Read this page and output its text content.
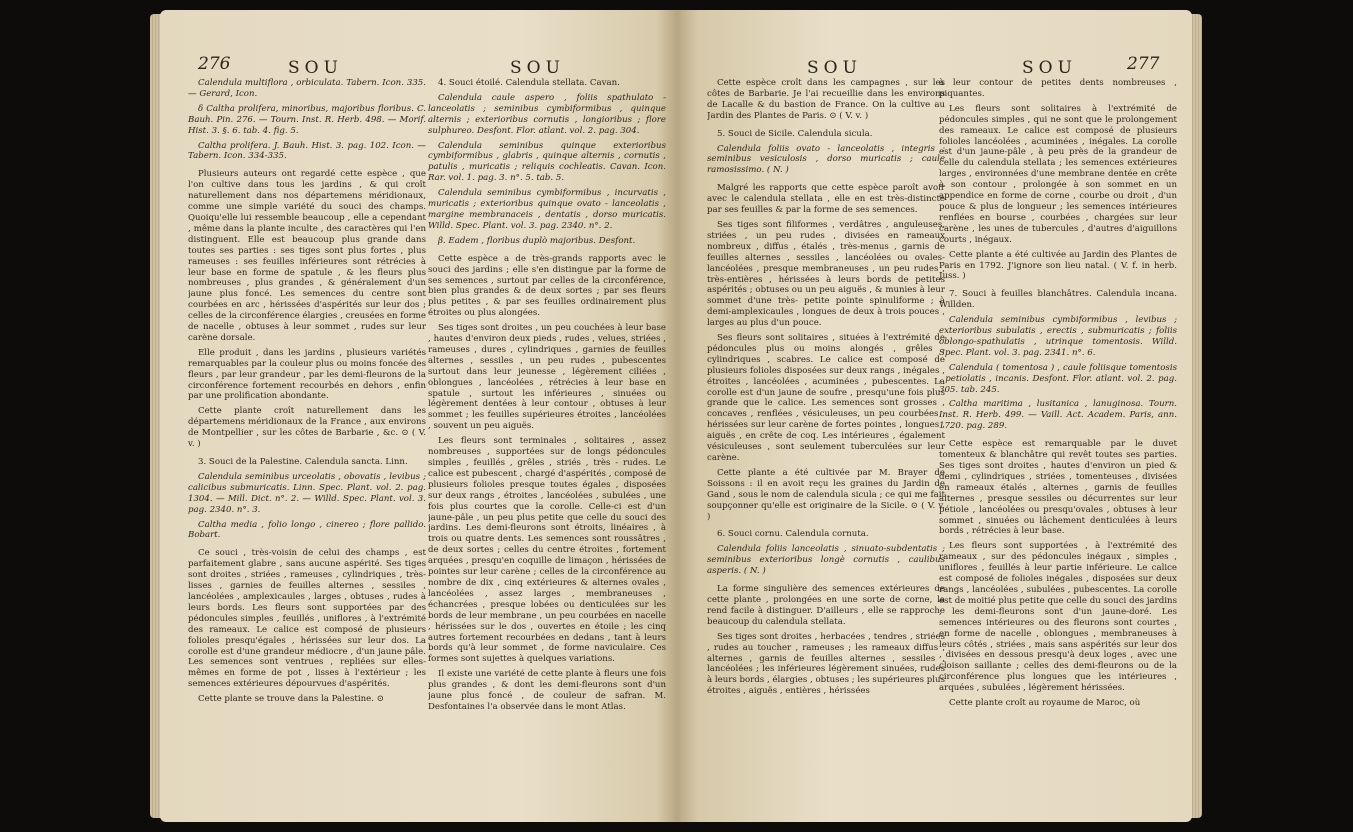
276	SOU	SOU

Calendula multiflora , orbiculata. Tabern. Icon. 335. — Gerard, Icon.

δ Caltha prolifera, minoribus, majoribus floribus. C. Bauh. Pin. 276. — Tourn. Inst. R. Herb. 498. — Morif. Hist. 3. §. 6. tab. 4. fig. 5.

Caltha prolifera. J. Bauh. Hist. 3. pag. 102. Icon. — Tabern. Icon. 334-335.

Plusieurs auteurs ont regardé cette espèce , que l'on cultive dans tous les jardins , & qui croît naturellement dans nos départemens méridionaux, comme une simple variété du souci des champs. Quoiqu'elle lui ressemble beaucoup , elle a cependant , même dans la plante inculte , des caractères qui l'en distinguent. Elle est beaucoup plus grande dans toutes ses parties : ses tiges sont plus fortes , plus rameuses : ses feuilles inférieures sont rétrécies à leur base en forme de spatule , & les fleurs plus nombreuses , plus grandes , & généralement d'un jaune plus foncé. Les semences du centre sont courbées en arc , hérissées d'aspérités sur leur dos ; celles de la circonférence élargies , creusées en forme de nacelle , obtuses à leur sommet , rudes sur leur carène dorsale.

Elle produit , dans les jardins , plusieurs variétés remarquables par la couleur plus ou moins foncée des fleurs , par leur grandeur , par les demi-fleurons de la circonférence fortement recourbés en dehors , enfin par une prolification abondante.

Cette plante croît naturellement dans les départemens méridionaux de la France , aux environs de Montpellier , sur les côtes de Barbarie , &c. ⊙ ( V. v. )

3. Souci de la Palestine. Calendula sancta. Linn.

Calendula seminibus urceolatis , obovatis , levibus ; calicibus submuricatis. Linn. Spec. Plant. vol. 2. pag. 1304. — Mill. Dict. n°. 2. — Willd. Spec. Plant. vol. 3. pag. 2340. n°. 3.

Caltha media , folio longo , cinereo ; flore pallido. Bobart.

Ce souci , très-voisin de celui des champs , est parfaitement glabre , sans aucune aspérité. Ses tiges sont droites , striées , rameuses , cylindriques , très-lisses , garnies de feuilles alternes , sessiles , lancéolées , amplexicaules , larges , obtuses , rudes à leurs bords. Les fleurs sont supportées par des pédoncules simples , feuillés , uniflores , à l'extrémité des rameaux. Le calice est composé de plusieurs folioles presqu'égales , hérissées sur leur dos. La corolle est d'une grandeur médiocre , d'un jaune pâle. Les semences sont ventrues , repliées sur elles-mêmes en forme de pot , lisses à l'extérieur ; les semences extérieures dépourvues d'aspérités.

Cette plante se trouve dans la Palestine. ⊙

4. Souci étoilé. Calendula stellata. Cavan.

Calendula caule aspero , foliis spathulato - lanceolatis ; seminibus cymbiformibus , quinque alternis ; exterioribus cornutis , longioribus ; flore sulphureo. Desfont. Flor. atlant. vol. 2. pag. 304.

Calendula seminibus quinque exterioribus cymbiformibus , glabris , quinque alternis , cornutis , patulis , muricatis ; reliquis cochleatis. Cavan. Icon. Rar. vol. 1. pag. 3. n°. 5. tab. 5.

Calendula seminibus cymbiformibus , incurvatis , muricatis ; exterioribus quinque ovato - lanceolatis , margine membranaceis , dentatis , dorso muricatis. Willd. Spec. Plant. vol. 3. pag. 2340. n°. 2.

β. Eadem , floribus duplò majoribus. Desfont.

Cette espèce a de très-grands rapports avec le souci des jardins ; elle s'en distingue par la forme de ses semences , surtout par celles de la circonférence, bien plus grandes & de deux sortes ; par ses fleurs plus petites , & par ses feuilles ordinairement plus étroites ou plus alongées.

Ses tiges sont droites , un peu couchées à leur base , hautes d'environ deux pieds , rudes , velues, striées , rameuses , dures , cylindriques , garnies de feuilles alternes , sessiles , un peu rudes , pubescentes surtout dans leur jeunesse , légèrement ciliées , oblongues , lancéolées , rétrécies à leur base en spatule , surtout les inférieures , sinuées ou légèrement dentées à leur contour , obtuses à leur sommet ; les feuilles supérieures étroites , lancéolées , souvent un peu aiguës.

Les fleurs sont terminales , solitaires , assez nombreuses , supportées sur de longs pédoncules simples , feuillés , grêles , striés , très - rudes. Le calice est pubescent , chargé d'aspérités , composé de plusieurs folioles presque toutes égales , disposées sur deux rangs , étroites , lancéolées , subulées , une fois plus courtes que la corolle. Celle-ci est d'un jaune-pâle , un peu plus petite que celle du souci des jardins. Les demi-fleurons sont étroits, linéaires , à trois ou quatre dents. Les semences sont roussâtres , de deux sortes ; celles du centre étroites , fortement arquées , presqu'en coquille de limaçon , hérissées de pointes sur leur carène ; celles de la circonférence au nombre de dix , cinq extérieures & alternes ovales , lancéolées , assez larges , membraneuses , échancrées , presque lobées ou denticulées sur les bords de leur membrane , un peu courbées en nacelle , hérissées sur le dos , ouvertes en étoile ; les cinq autres fortement recourbées en dedans , tant à leurs bords qu'à leur sommet , de forme naviculaire. Ces formes sont sujettes à quelques variations.

Il existe une variété de cette plante à fleurs une fois plus grandes , & dont les demi-fleurons sont d'un jaune plus foncé , de couleur de safran. M. Desfontaines l'a observée dans le mont Atlas.

SOU	SOU	277

Cette espèce croît dans les campagnes , sur les côtes de Barbarie. Je l'ai recueillie dans les environs de Lacalle & du bastion de France. On la cultive au Jardin des Plantes de Paris. ⊙ ( V. v. )

5. Souci de Sicile. Calendula sicula.

Calendula foliis ovato - lanceolatis , integris ; seminibus vesiculosis , dorso muricatis ; caule ramosissimo. ( N. )

Malgré les rapports que cette espèce paroît avoir avec le calendula stellata , elle en est très-distincte par ses feuilles & par la forme de ses semences.

Ses tiges sont filiformes , verdâtres , anguleuses, striées , un peu rudes , divisées en rameaux nombreux , diffus , étalés , très-menus , garnis de feuilles alternes , sessiles , lancéolées ou ovales-lancéolées , presque membraneuses , un peu rudes , très-entières , hérissées à leurs bords de petites aspérités ; obtuses ou un peu aiguës , & munies à leur sommet d'une très- petite pointe spinuliforme ; à demi-amplexicaules , longues de deux à trois pouces , larges au plus d'un pouce.

Ses fleurs sont solitaires , situées à l'extrémité de pédoncules plus ou moins alongés , grêles , cylindriques , scabres. Le calice est composé de plusieurs folioles disposées sur deux rangs , inégales , étroites , lancéolées , acuminées , pubescentes. La corolle est d'un jaune de soufre , presqu'une fois plus grande que le calice. Les semences sont grosses , concaves , renflées , vésiculeuses, un peu courbées , hérissées sur leur carène de fortes pointes , longues , aiguës , en crête de coq. Les intérieures , également vésiculeuses , sont seulement tuberculées sur leur carène.

Cette plante a été cultivée par M. Brayer de Soissons : il en avoit reçu les graines du Jardin de Gand , sous le nom de calendula sicula ; ce qui me fait soupçonner qu'elle est originaire de la Sicile. ⊙ ( V. v. )

6. Souci cornu. Calendula cornuta.

Calendula foliis lanceolatis , sinuato-subdentatis ; seminibus exterioribus longè cornutis , caulibus asperis. ( N. )

La forme singulière des semences extérieures de cette plante , prolongées en une sorte de corne, la rend facile à distinguer. D'ailleurs , elle se rapproche beaucoup du calendula stellata.

Ses tiges sont droites , herbacées , tendres , striées , rudes au toucher , rameuses ; les rameaux diffus , alternes , garnis de feuilles alternes , sessiles , lancéolées ; les inférieures légèrement sinuées, rudes à leurs bords , élargies , obtuses ; les supérieures plus étroites , aiguës , entières , hérissées

à leur contour de petites dents nombreuses , piquantes.

Les fleurs sont solitaires à l'extrémité de pédoncules simples , qui ne sont que le prolongement des rameaux. Le calice est composé de plusieurs folioles lancéolées , acuminées , inégales. La corolle est d'un jaune-pâle , à peu près de la grandeur de celle du calendula stellata ; les semences extérieures larges , environnées d'une membrane dentée en crête à son contour , prolongée à son sommet en un appendice en forme de corne , courbe ou droit , d'un pouce & plus de longueur ; les semences intérieures renflées en bourse , courbées , chargées sur leur carène , les unes de tubercules , d'autres d'aiguillons courts , inégaux.

Cette plante a été cultivée au Jardin des Plantes de Paris en 1792. J'ignore son lieu natal. ( V. f. in herb. Juss. )

7. Souci à feuilles blanchâtres. Calendula incana. Willden.

Calendula seminibus cymbiformibus , levibus ; exterioribus subulatis , erectis , submuricatis ; foliis oblongo-spathulatis , utrinque tomentosis. Willd. Spec. Plant. vol. 3. pag. 2341. n°. 6.

Calendula ( tomentosa ) , caule foliisque tomentosis , petiolatis , incanis. Desfont. Flor. atlant. vol. 2. pag. 305. tab. 245.

Caltha maritima , lusitanica , lanuginosa. Tourn. Inst. R. Herb. 499. — Vaill. Act. Academ. Paris, ann. 1720. pag. 289.

Cette espèce est remarquable par le duvet tomenteux & blanchâtre qui revêt toutes ses parties. Ses tiges sont droites , hautes d'environ un pied & demi , cylindriques , striées , tomenteuses , divisées en rameaux étalés , alternes , garnis de feuilles alternes , presque sessiles ou décurrentes sur leur pétiole , lancéolées ou presqu'ovales , obtuses à leur sommet , sinuées ou lâchement denticulées à leurs bords , rétrécies à leur base.

Les fleurs sont supportées , à l'extrémité des rameaux , sur des pédoncules inégaux , simples , uniflores , feuillés à leur partie inférieure. Le calice est composé de folioles inégales , disposées sur deux rangs , lancéolées , subulées , pubescentes. La corolle est de moitié plus petite que celle du souci des jardins ; les demi-fleurons sont d'un jaune-doré. Les semences intérieures ou des fleurons sont courtes , en forme de nacelle , oblongues , membraneuses à leurs côtés , striées , mais sans aspérités sur leur dos , divisées en dessous presqu'à deux loges , avec une cloison saillante ; celles des demi-fleurons ou de la circonférence plus longues que les intérieures , arquées , subulées , légèrement hérissées.

Cette plante croît au royaume de Maroc, où
